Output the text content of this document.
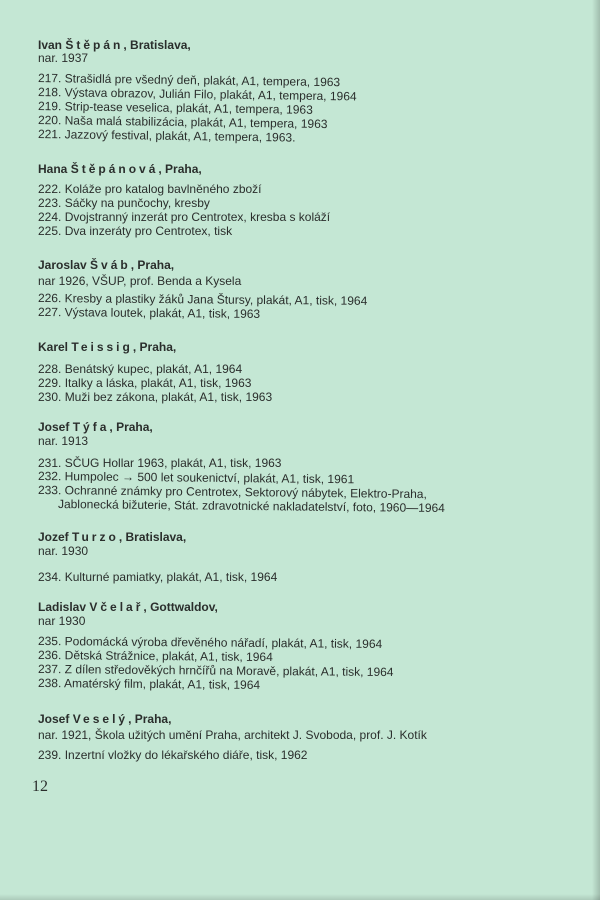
Ivan Štěpán, Bratislava,
nar. 1937
217. Strašidlá pre všedný deň, plakát, A1, tempera, 1963
218. Výstava obrazov, Julián Filo, plakát, A1, tempera, 1964
219. Strip-tease veselica, plakát, A1, tempera, 1963
220. Naša malá stabilizácia, plakát, A1, tempera, 1963
221. Jazzový festival, plakát, A1, tempera, 1963.
Hana Štěpánová, Praha,
222. Koláže pro katalog bavlněného zboží
223. Sáčky na punčochy, kresby
224. Dvojstranný inzerát pro Centrotex, kresba s koláží
225. Dva inzeráty pro Centrotex, tisk
Jaroslav Šváb, Praha,
nar 1926, VŠUP, prof. Benda a Kysela
226. Kresby a plastiky žáků Jana Štursy, plakát, A1, tisk, 1964
227. Výstava loutek, plakát, A1, tisk, 1963
Karel Teissig, Praha,
228. Benátský kupec, plakát, A1, 1964
229. Italky a láska, plakát, A1, tisk, 1963
230. Muži bez zákona, plakát, A1, tisk, 1963
Josef Týfa, Praha,
nar. 1913
231. SČUG Hollar 1963, plakát, A1, tisk, 1963
232. Humpolec → 500 let soukenictví, plakát, A1, tisk, 1961
233. Ochranné známky pro Centrotex, Sektorový nábytek, Elektro-Praha,
Jablonecká bižuterie, Stát. zdravotnické nakladatelství, foto, 1960—1964
Jozef Turzo, Bratislava,
nar. 1930
234. Kulturné pamiatky, plakát, A1, tisk, 1964
Ladislav Včelař, Gottwaldov,
nar 1930
235. Podomácká výroba dřevěného nářadí, plakát, A1, tisk, 1964
236. Dětská Strážnice, plakát, A1, tisk, 1964
237. Z dílen středověkých hrnčířů na Moravě, plakát, A1, tisk, 1964
238. Amatérský film, plakát, A1, tisk, 1964
Josef Veselý, Praha,
nar. 1921, Škola užitých umění Praha, architekt J. Svoboda, prof. J. Kotík
239. Inzertní vložky do lékařského diáře, tisk, 1962
12
